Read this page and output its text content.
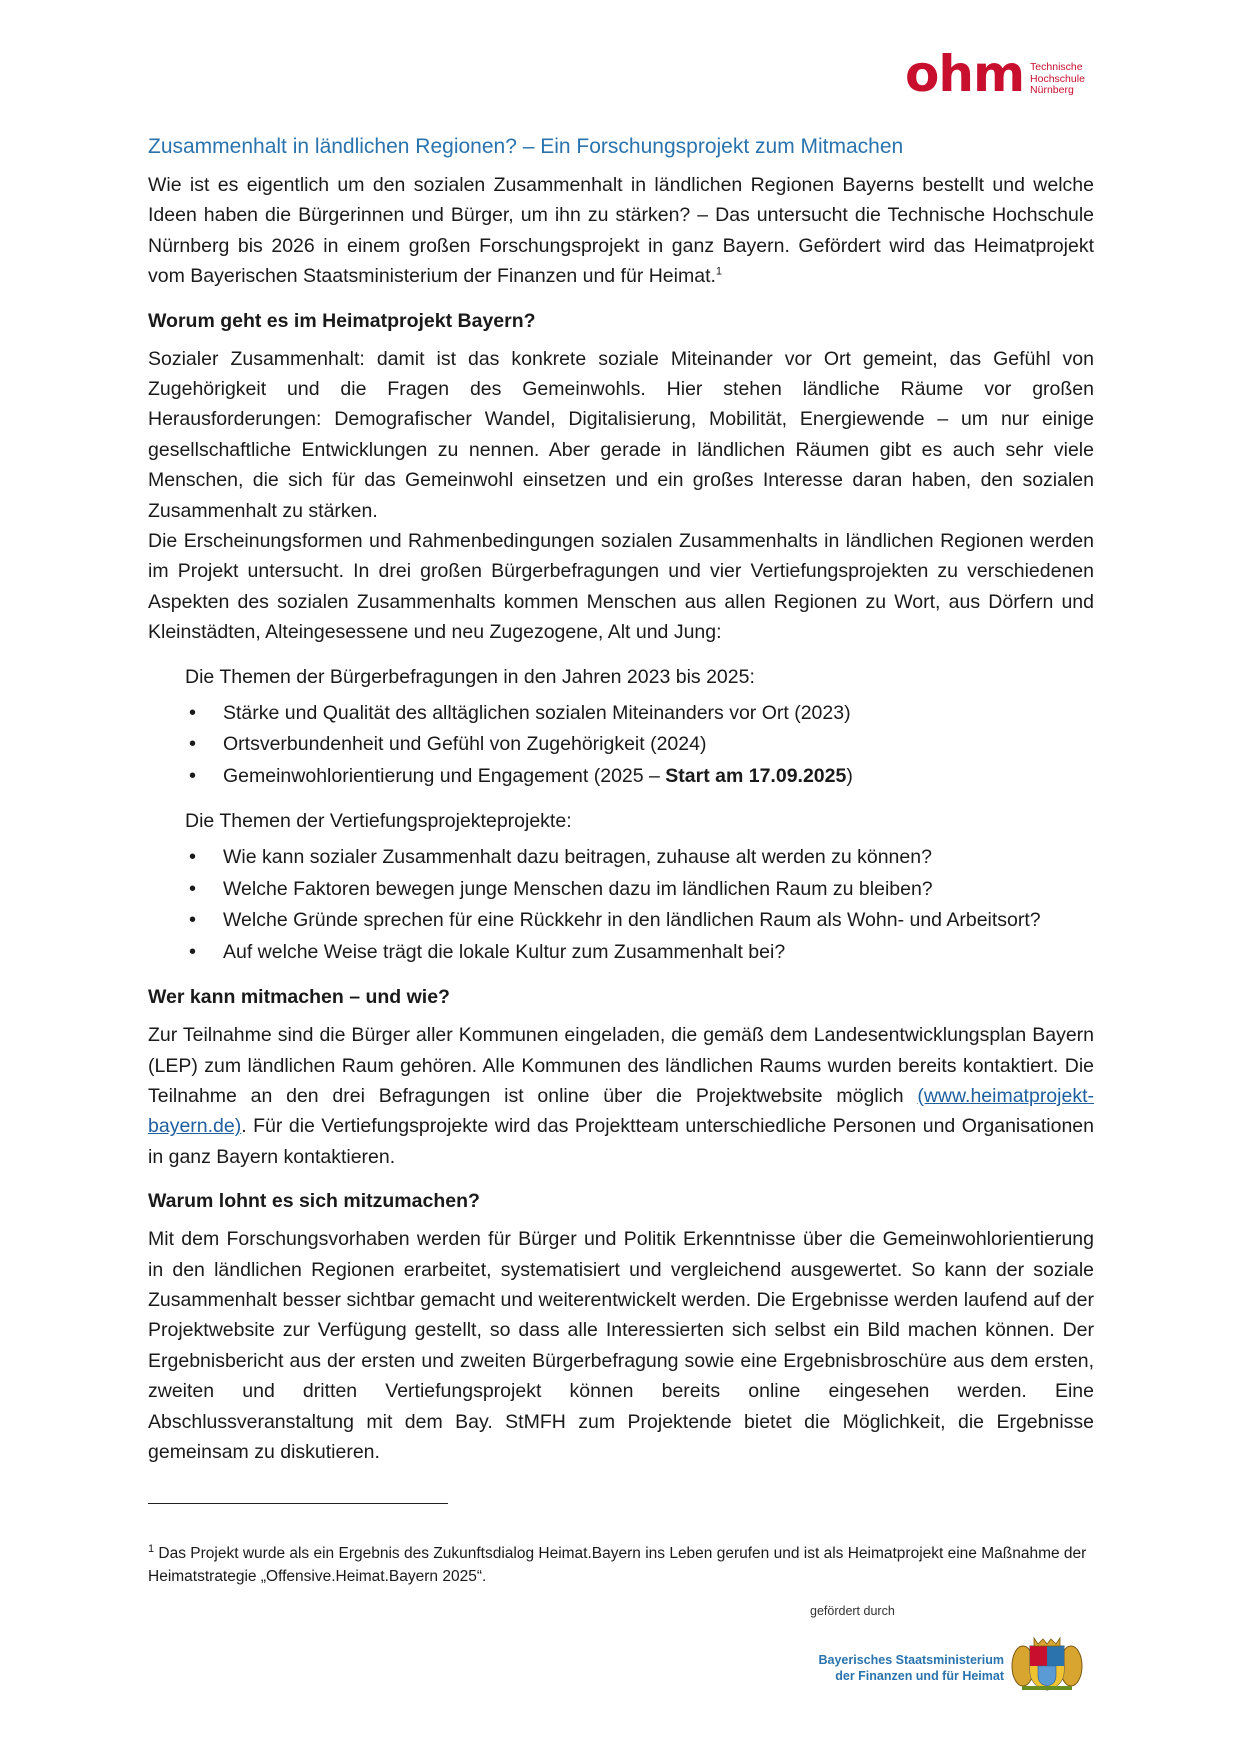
ohm Technische
Hochschule
Nürnberg
Zusammenhalt in ländlichen Regionen? – Ein Forschungsprojekt zum Mitmachen

Wie ist es eigentlich um den sozialen Zusammenhalt in ländlichen Regionen Bayerns bestellt und welche Ideen haben die Bürgerinnen und Bürger, um ihn zu stärken? – Das untersucht die Technische Hochschule Nürnberg bis 2026 in einem großen Forschungsprojekt in ganz Bayern. Gefördert wird das Heimatprojekt vom Bayerischen Staatsministerium der Finanzen und für Heimat.$^1$

Worum geht es im Heimatprojekt Bayern?

Sozialer Zusammenhalt: damit ist das konkrete soziale Miteinander vor Ort gemeint, das Gefühl von Zugehörigkeit und die Fragen des Gemeinwohls. Hier stehen ländliche Räume vor großen Herausforderungen: Demografischer Wandel, Digitalisierung, Mobilität, Energiewende – um nur einige gesellschaftliche Entwicklungen zu nennen. Aber gerade in ländlichen Räumen gibt es auch sehr viele Menschen, die sich für das Gemeinwohl einsetzen und ein großes Interesse daran haben, den sozialen Zusammenhalt zu stärken.

Die Erscheinungsformen und Rahmenbedingungen sozialen Zusammenhalts in ländlichen Regionen werden im Projekt untersucht. In drei großen Bürgerbefragungen und vier Vertiefungsprojekten zu verschiedenen Aspekten des sozialen Zusammenhalts kommen Menschen aus allen Regionen zu Wort, aus Dörfern und Kleinstädten, Alteingesessene und neu Zugezogene, Alt und Jung:

Die Themen der Bürgerbefragungen in den Jahren 2023 bis 2025:
• Stärke und Qualität des alltäglichen sozialen Miteinanders vor Ort (2023)
• Ortsverbundenheit und Gefühl von Zugehörigkeit (2024)
• Gemeinwohlorientierung und Engagement (2025 – Start am 17.09.2025)
Die Themen der Vertiefungsprojekteprojekte:
• Wie kann sozialer Zusammenhalt dazu beitragen, zuhause alt werden zu können?
• Welche Faktoren bewegen junge Menschen dazu im ländlichen Raum zu bleiben?
• Welche Gründe sprechen für eine Rückkehr in den ländlichen Raum als Wohn- und Arbeitsort?
• Auf welche Weise trägt die lokale Kultur zum Zusammenhalt bei?
Wer kann mitmachen – und wie?

Zur Teilnahme sind die Bürger aller Kommunen eingeladen, die gemäß dem Landesentwicklungsplan Bayern (LEP) zum ländlichen Raum gehören. Alle Kommunen des ländlichen Raums wurden bereits kontaktiert. Die Teilnahme an den drei Befragungen ist online über die Projektwebsite möglich (www.heimatprojekt-bayern.de). Für die Vertiefungsprojekte wird das Projektteam unterschiedliche Personen und Organisationen in ganz Bayern kontaktieren.

Warum lohnt es sich mitzumachen?

Mit dem Forschungsvorhaben werden für Bürger und Politik Erkenntnisse über die Gemeinwohlorientierung in den ländlichen Regionen erarbeitet, systematisiert und vergleichend ausgewertet. So kann der soziale Zusammenhalt besser sichtbar gemacht und weiterentwickelt werden. Die Ergebnisse werden laufend auf der Projektwebsite zur Verfügung gestellt, so dass alle Interessierten sich selbst ein Bild machen können. Der Ergebnisbericht aus der ersten und zweiten Bürgerbefragung sowie eine Ergebnisbroschüre aus dem ersten, zweiten und dritten Vertiefungsprojekt können bereits online eingesehen werden. Eine Abschlussveranstaltung mit dem Bay. StMFH zum Projektende bietet die Möglichkeit, die Ergebnisse gemeinsam zu diskutieren.

$^1$ Das Projekt wurde als ein Ergebnis des Zukunftsdialog Heimat.Bayern ins Leben gerufen und ist als Heimatprojekt eine Maßnahme der Heimatstrategie „Offensive.Heimat.Bayern 2025“.
gefördert durch
Bayerisches Staatsministerium
der Finanzen und für Heimat
